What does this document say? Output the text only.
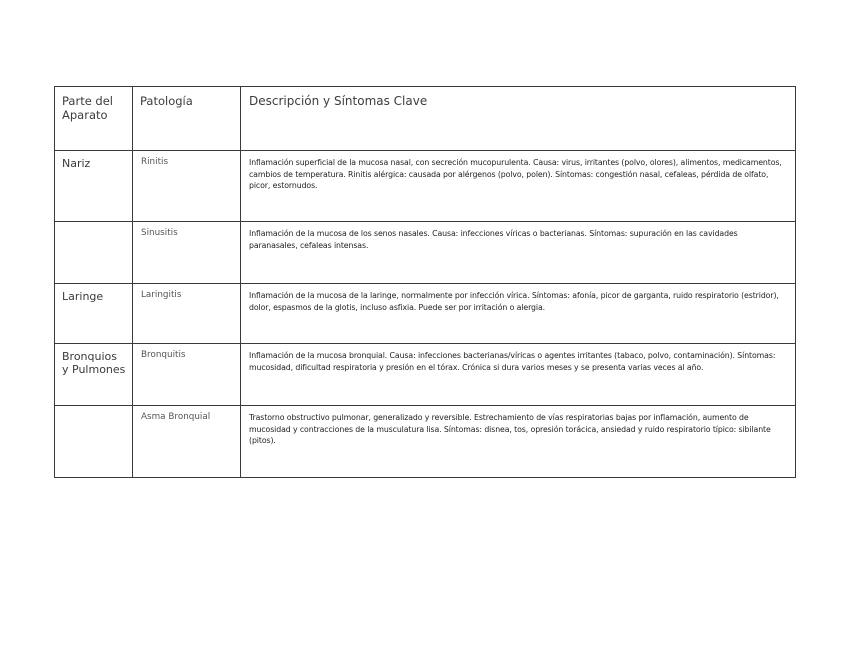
Parte del Aparato	Patología	Descripción y Síntomas Clave
Nariz	Rinitis	Inflamación superficial de la mucosa nasal, con secreción mucopurulenta. Causa: virus, irritantes (polvo, olores), alimentos, medicamentos, cambios de temperatura. Rinitis alérgica: causada por alérgenos (polvo, polen). Síntomas: congestión nasal, cefaleas, pérdida de olfato, picor, estornudos.
	Sinusitis	Inflamación de la mucosa de los senos nasales. Causa: infecciones víricas o bacterianas. Síntomas: supuración en las cavidades paranasales, cefaleas intensas.
Laringe	Laringitis	Inflamación de la mucosa de la laringe, normalmente por infección vírica. Síntomas: afonía, picor de garganta, ruido respiratorio (estridor), dolor, espasmos de la glotis, incluso asfixia. Puede ser por irritación o alergia.
Bronquios y Pulmones	Bronquitis	Inflamación de la mucosa bronquial. Causa: infecciones bacterianas/víricas o agentes irritantes (tabaco, polvo, contaminación). Síntomas: mucosidad, dificultad respiratoria y presión en el tórax. Crónica si dura varios meses y se presenta varias veces al año.
	Asma Bronquial	Trastorno obstructivo pulmonar, generalizado y reversible. Estrechamiento de vías respiratorias bajas por inflamación, aumento de mucosidad y contracciones de la musculatura lisa. Síntomas: disnea, tos, opresión torácica, ansiedad y ruido respiratorio típico: sibilante (pitos).
